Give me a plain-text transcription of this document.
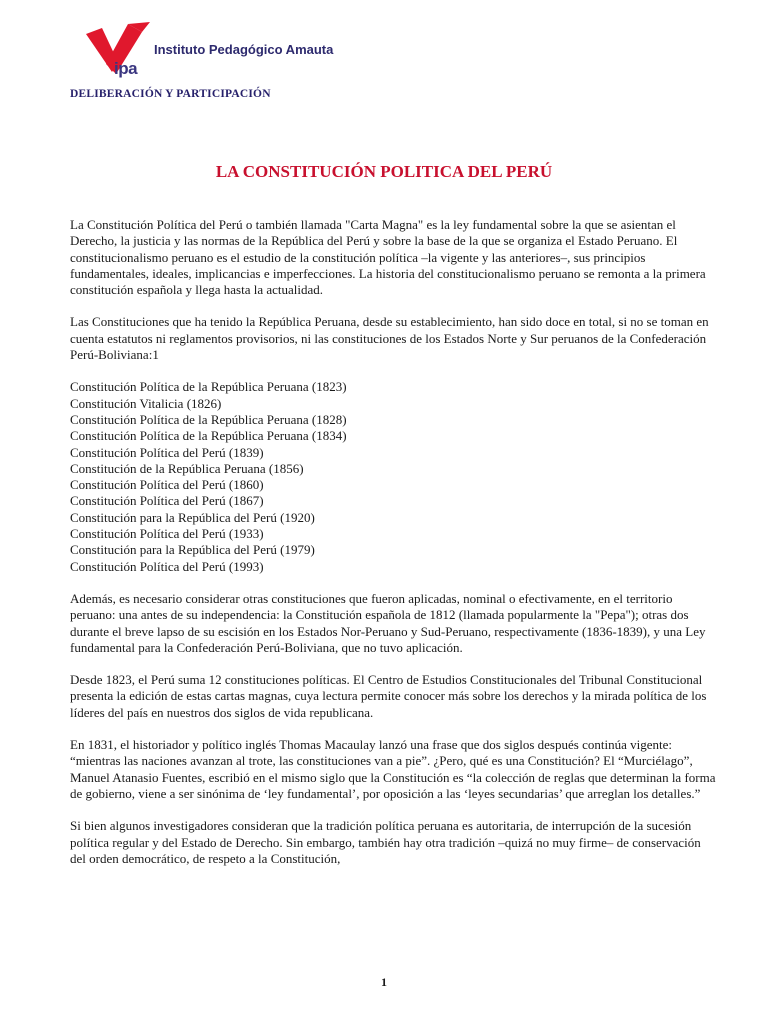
Instituto Pedagógico Amauta
ipa
DELIBERACIÓN Y PARTICIPACIÓN
LA CONSTITUCIÓN POLITICA DEL PERÚ

La Constitución Política del Perú o también llamada "Carta Magna" es la ley fundamental sobre la que se asientan el Derecho, la justicia y las normas de la República del Perú y sobre la base de la que se organiza el Estado Peruano. El constitucionalismo peruano es el estudio de la constitución política –la vigente y las anteriores–, sus principios fundamentales, ideales, implicancias e imperfecciones. La historia del constitucionalismo peruano se remonta a la primera constitución española y llega hasta la actualidad.

Las Constituciones que ha tenido la República Peruana, desde su establecimiento, han sido doce en total, si no se toman en cuenta estatutos ni reglamentos provisorios, ni las constituciones de los Estados Norte y Sur peruanos de la Confederación Perú-Boliviana:1

Constitución Política de la República Peruana (1823)
Constitución Vitalicia (1826)
Constitución Política de la República Peruana (1828)
Constitución Política de la República Peruana (1834)
Constitución Política del Perú (1839)
Constitución de la República Peruana (1856)
Constitución Política del Perú (1860)
Constitución Política del Perú (1867)
Constitución para la República del Perú (1920)
Constitución Política del Perú (1933)
Constitución para la República del Perú (1979)
Constitución Política del Perú (1993)

Además, es necesario considerar otras constituciones que fueron aplicadas, nominal o efectivamente, en el territorio peruano: una antes de su independencia: la Constitución española de 1812 (llamada popularmente la "Pepa"); otras dos durante el breve lapso de su escisión en los Estados Nor-Peruano y Sud-Peruano, respectivamente (1836-1839), y una Ley fundamental para la Confederación Perú-Boliviana, que no tuvo aplicación.

Desde 1823, el Perú suma 12 constituciones políticas. El Centro de Estudios Constitucionales del Tribunal Constitucional presenta la edición de estas cartas magnas, cuya lectura permite conocer más sobre los derechos y la mirada política de los líderes del país en nuestros dos siglos de vida republicana.

En 1831, el historiador y político inglés Thomas Macaulay lanzó una frase que dos siglos después continúa vigente: “mientras las naciones avanzan al trote, las constituciones van a pie”. ¿Pero, qué es una Constitución? El “Murciélago”, Manuel Atanasio Fuentes, escribió en el mismo siglo que la Constitución es “la colección de reglas que determinan la forma de gobierno, viene a ser sinónima de ‘ley fundamental’, por oposición a las ‘leyes secundarias’ que arreglan los detalles.”

Si bien algunos investigadores consideran que la tradición política peruana es autoritaria, de interrupción de la sucesión política regular y del Estado de Derecho. Sin embargo, también hay otra tradición –quizá no muy firme– de conservación del orden democrático, de respeto a la Constitución,

1
